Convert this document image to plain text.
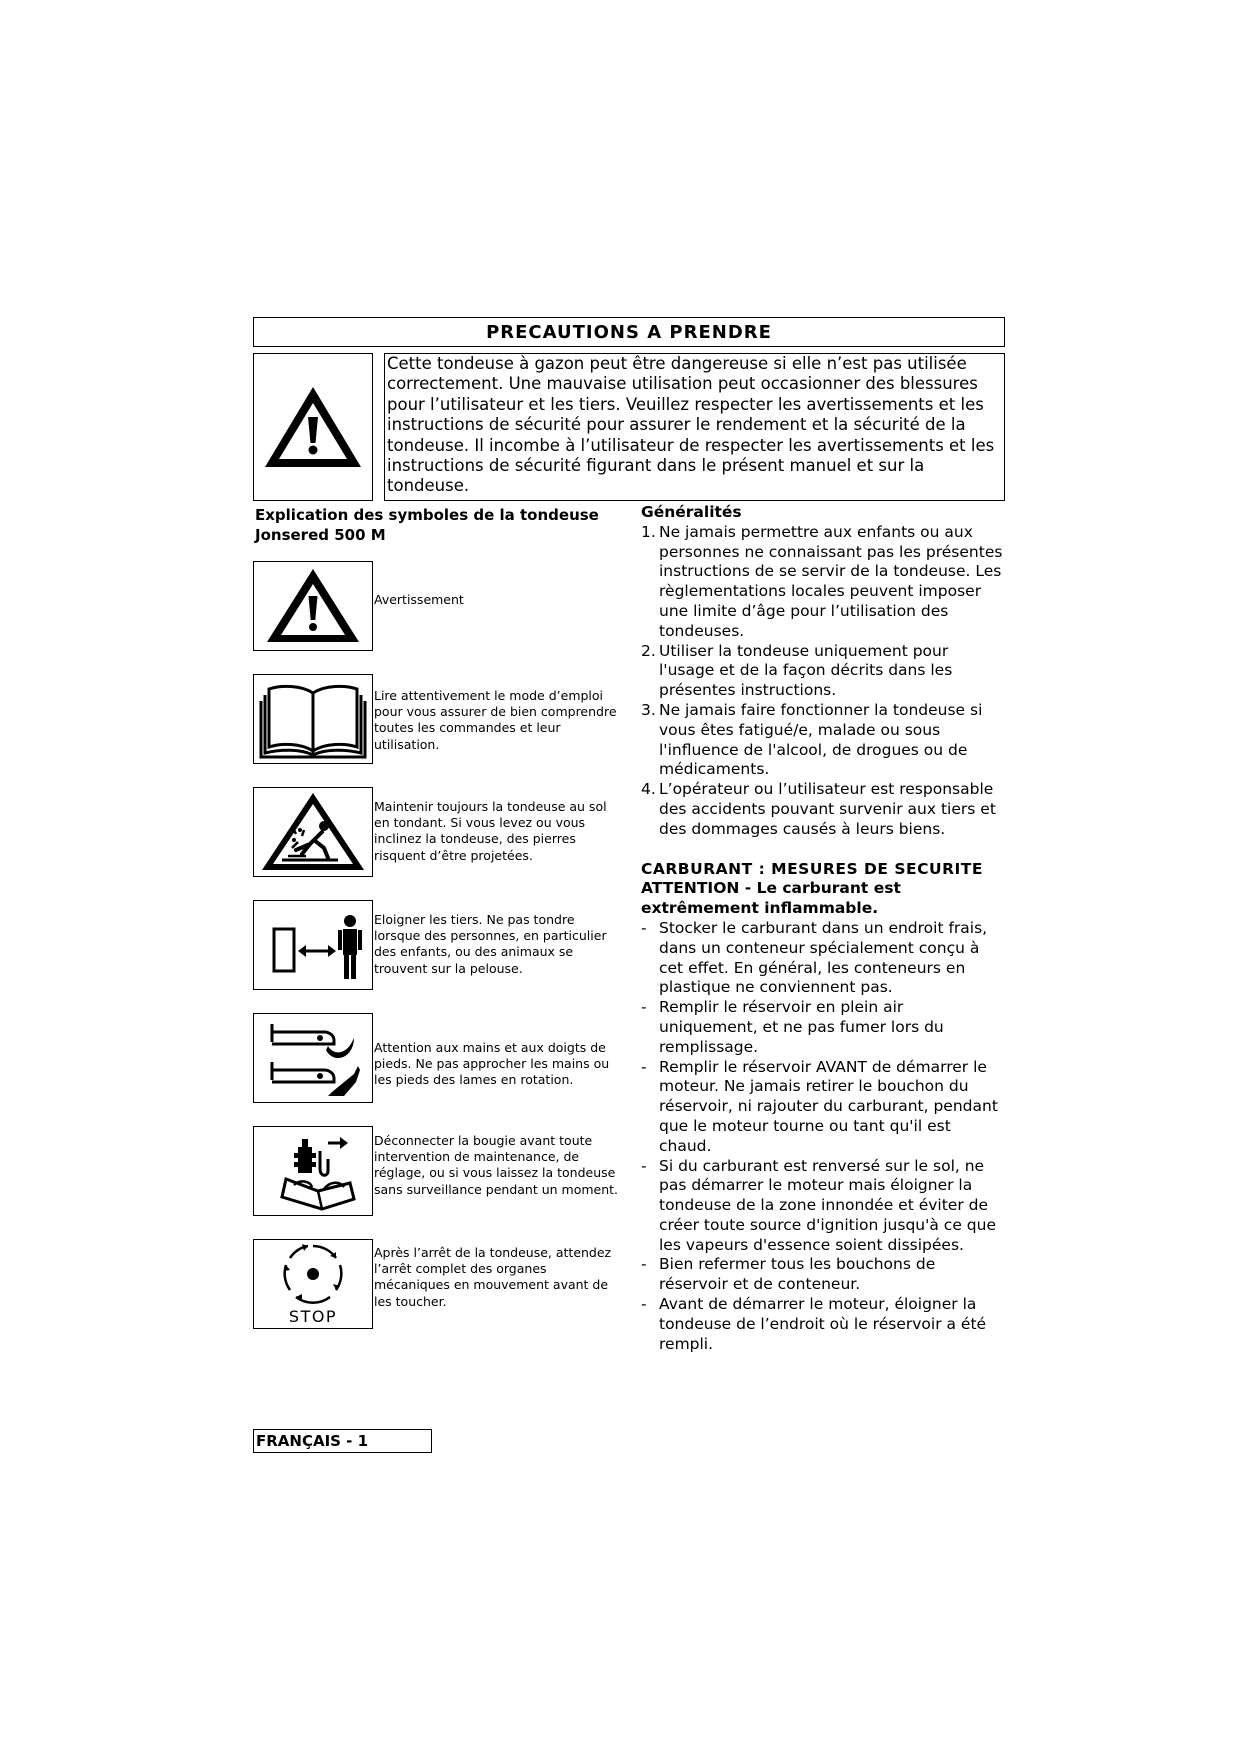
PRECAUTIONS A PRENDRE
Cette tondeuse à gazon peut être dangereuse si elle n’est pas utilisée correctement. Une mauvaise utilisation peut occasionner des blessures pour l’utilisateur et les tiers. Veuillez respecter les avertissements et les instructions de sécurité pour assurer le rendement et la sécurité de la tondeuse. Il incombe à l’utilisateur de respecter les avertissements et les instructions de sécurité figurant dans le présent manuel et sur la tondeuse.
Explication des symboles de la tondeuse
Jonsered 500 M
Avertissement
Lire attentivement le mode d’emploi pour vous assurer de bien comprendre toutes les commandes et leur utilisation.
Maintenir toujours la tondeuse au sol en tondant. Si vous levez ou vous inclinez la tondeuse, des pierres risquent d’être projetées.
Eloigner les tiers. Ne pas tondre lorsque des personnes, en particulier des enfants, ou des animaux se trouvent sur la pelouse.
Attention aux mains et aux doigts de pieds. Ne pas approcher les mains ou les pieds des lames en rotation.
Déconnecter la bougie avant toute intervention de maintenance, de réglage, ou si vous laissez la tondeuse sans surveillance pendant un moment.
STOP
Après l’arrêt de la tondeuse, attendez l’arrêt complet des organes mécaniques en mouvement avant de les toucher.
Généralités
1. Ne jamais permettre aux enfants ou aux personnes ne connaissant pas les présentes instructions de se servir de la tondeuse. Les règlementations locales peuvent imposer une limite d’âge pour l’utilisation des tondeuses.
2. Utiliser la tondeuse uniquement pour l'usage et de la façon décrits dans les présentes instructions.
3. Ne jamais faire fonctionner la tondeuse si vous êtes fatigué/e, malade ou sous l'influence de l'alcool, de drogues ou de médicaments.
4. L’opérateur ou l’utilisateur est responsable des accidents pouvant survenir aux tiers et des dommages causés à leurs biens.
CARBURANT : MESURES DE SECURITE
ATTENTION - Le carburant est
extrêmement inflammable.
- Stocker le carburant dans un endroit frais, dans un conteneur spécialement conçu à cet effet. En général, les conteneurs en plastique ne conviennent pas.
- Remplir le réservoir en plein air uniquement, et ne pas fumer lors du remplissage.
- Remplir le réservoir AVANT de démarrer le moteur. Ne jamais retirer le bouchon du réservoir, ni rajouter du carburant, pendant que le moteur tourne ou tant qu'il est chaud.
- Si du carburant est renversé sur le sol, ne pas démarrer le moteur mais éloigner la tondeuse de la zone innondée et éviter de créer toute source d'ignition jusqu'à ce que les vapeurs d'essence soient dissipées.
- Bien refermer tous les bouchons de réservoir et de conteneur.
- Avant de démarrer le moteur, éloigner la tondeuse de l’endroit où le réservoir a été rempli.
FRANÇAIS - 1
